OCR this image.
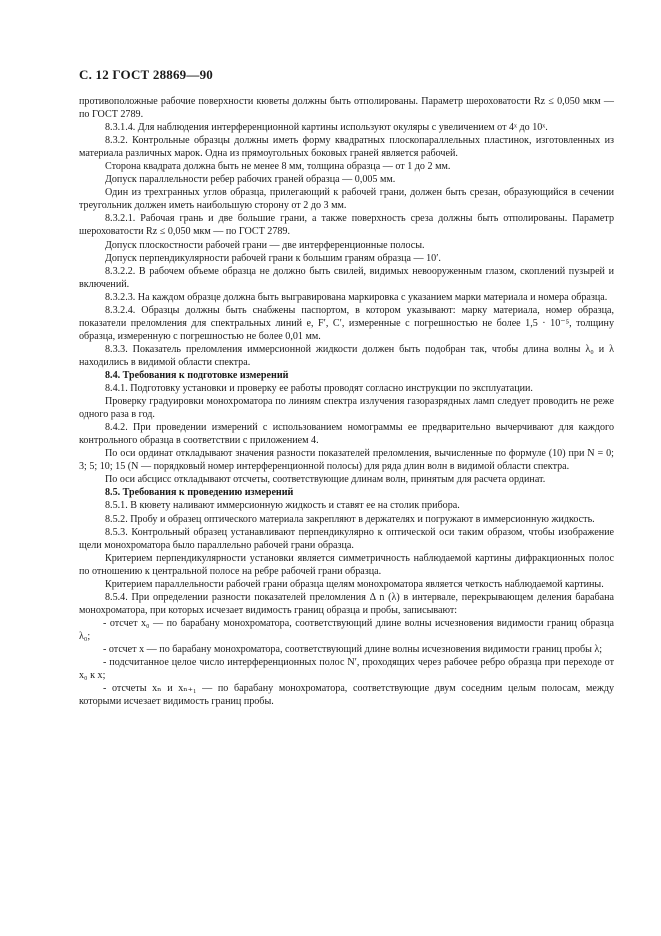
С. 12 ГОСТ 28869—90

противоположные рабочие поверхности кюветы должны быть отполированы. Параметр шероховатости Rz ≤ 0,050 мкм — по ГОСТ 2789.

8.3.1.4. Для наблюдения интерференционной картины используют окуляры с увеличением от 4ˣ до 10ˣ.

8.3.2. Контрольные образцы должны иметь форму квадратных плоскопараллельных пластинок, изготовленных из материала различных марок. Одна из прямоугольных боковых граней является рабочей.

Сторона квадрата должна быть не менее 8 мм, толщина образца — от 1 до 2 мм.

Допуск параллельности ребер рабочих граней образца — 0,005 мм.

Один из трехгранных углов образца, прилегающий к рабочей грани, должен быть срезан, образующийся в сечении треугольник должен иметь наибольшую сторону от 2 до 3 мм.

8.3.2.1. Рабочая грань и две большие грани, а также поверхность среза должны быть отполированы. Параметр шероховатости Rz ≤ 0,050 мкм — по ГОСТ 2789.

Допуск плоскостности рабочей грани — две интерференционные полосы.

Допуск перпендикулярности рабочей грани к большим граням образца — 10′.

8.3.2.2. В рабочем объеме образца не должно быть свилей, видимых невооруженным глазом, скоплений пузырей и включений.

8.3.2.3. На каждом образце должна быть выгравирована маркировка с указанием марки материала и номера образца.

8.3.2.4. Образцы должны быть снабжены паспортом, в котором указывают: марку материала, номер образца, показатели преломления для спектральных линий e, F′, C′, измеренные с погрешностью не более 1,5 · 10⁻⁵, толщину образца, измеренную с погрешностью не более 0,01 мм.

8.3.3. Показатель преломления иммерсионной жидкости должен быть подобран так, чтобы длина волны λ₀ и λ находились в видимой области спектра.

8.4. Требования к подготовке измерений

8.4.1. Подготовку установки и проверку ее работы проводят согласно инструкции по эксплуатации.

Проверку градуировки монохроматора по линиям спектра излучения газоразрядных ламп следует проводить не реже одного раза в год.

8.4.2. При проведении измерений с использованием номограммы ее предварительно вычерчивают для каждого контрольного образца в соответствии с приложением 4.

По оси ординат откладывают значения разности показателей преломления, вычисленные по формуле (10) при N = 0; 3; 5; 10; 15 (N — порядковый номер интерференционной полосы) для ряда длин волн в видимой области спектра.

По оси абсцисс откладывают отсчеты, соответствующие длинам волн, принятым для расчета ординат.

8.5. Требования к проведению измерений

8.5.1. В кювету наливают иммерсионную жидкость и ставят ее на столик прибора.

8.5.2. Пробу и образец оптического материала закрепляют в держателях и погружают в иммерсионную жидкость.

8.5.3. Контрольный образец устанавливают перпендикулярно к оптической оси таким образом, чтобы изображение щели монохроматора было параллельно рабочей грани образца.

Критерием перпендикулярности установки является симметричность наблюдаемой картины дифракционных полос по отношению к центральной полосе на ребре рабочей грани образца.

Критерием параллельности рабочей грани образца щелям монохроматора является четкость наблюдаемой картины.

8.5.4. При определении разности показателей преломления Δ n (λ) в интервале, перекрывающем деления барабана монохроматора, при которых исчезает видимость границ образца и пробы, записывают:

- отсчет x₀ — по барабану монохроматора, соответствующий длине волны исчезновения видимости границ образца λ₀;

- отсчет x — по барабану монохроматора, соответствующий длине волны исчезновения видимости границ пробы λ;

- подсчитанное целое число интерференционных полос N′, проходящих через рабочее ребро образца при переходе от x₀ к x;

- отсчеты xₙ и xₙ₊₁ — по барабану монохроматора, соответствующие двум соседним целым полосам, между которыми исчезает видимость границ пробы.
